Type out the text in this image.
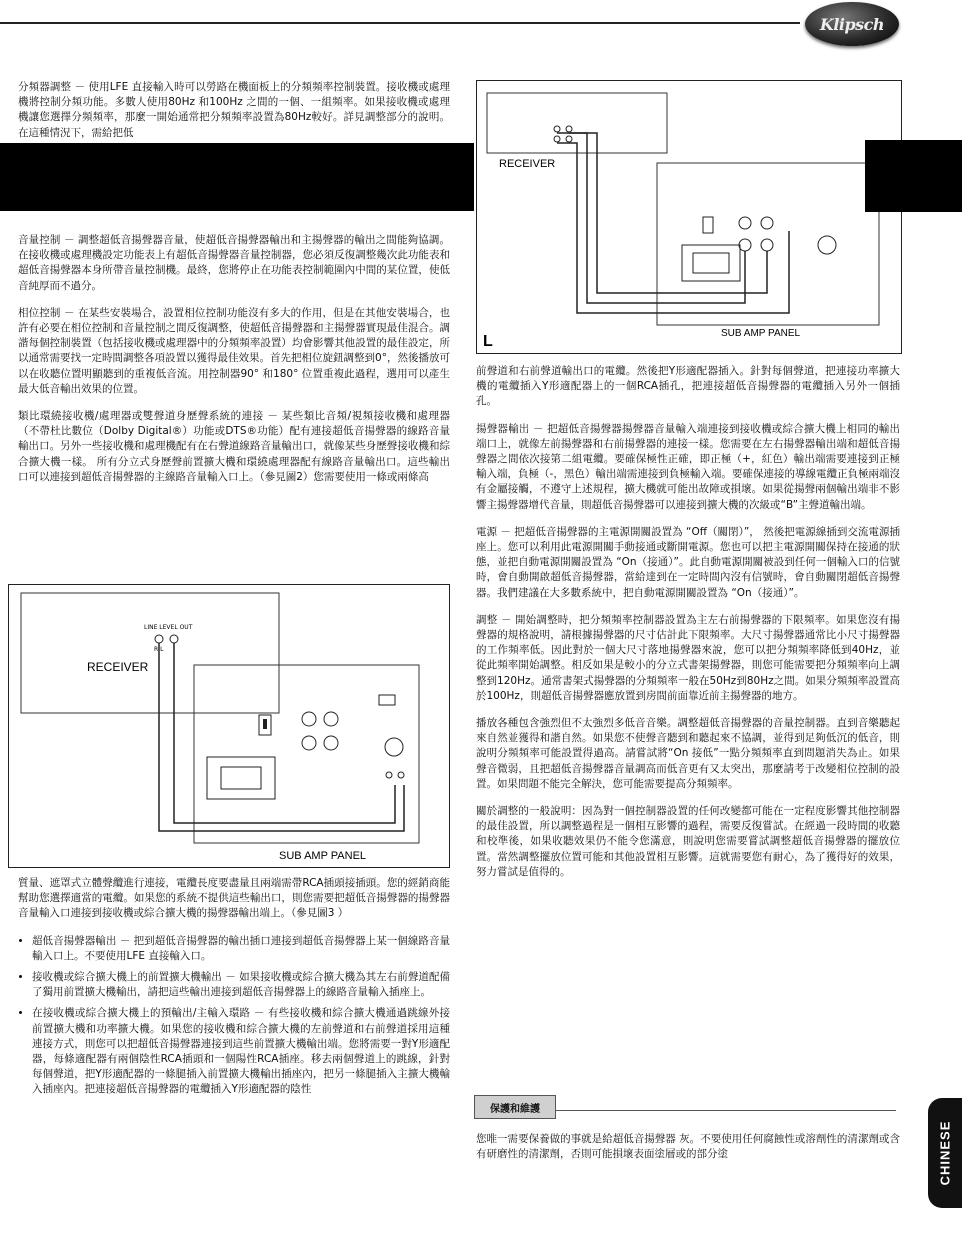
Klipsch

分頻器調整 － 使用LFE 直接輸入時可以勞路在機面板上的分頻頻率控制裝置。接收機或處理機將控制分頻功能。多數人使用80Hz 和100Hz 之間的一個、一組頻率。如果接收機或處理機讓您選擇分頻頻率，那麼一開始通常把分頻頻率設置為80Hz較好。詳見調整部分的說明。在這種情況下，需給把低

音量控制 － 調整超低音揚聲器音量，使超低音揚聲器輸出和主揚聲器的輸出之間能夠協調。在接收機或處理機設定功能表上有超低音揚聲器音量控制器，您必須反復調整幾次此功能表和超低音揚聲器本身所帶音量控制機。最終，您將停止在功能表控制範圍內中間的某位置，使低音純厚而不過分。

相位控制 － 在某些安裝場合，設置相位控制功能沒有多大的作用，但是在其他安裝場合，也許有必要在相位控制和音量控制之間反復調整，使超低音揚聲器和主揚聲器實現最佳混合。調諧每個控制裝置（包括接收機或處理器中的分頻頻率設置）均會影響其他設置的最佳設定，所以通常需要找一定時間調整各項設置以獲得最佳效果。首先把相位旋鈕調整到0°，然後播放可以在收聽位置明顯聽到的重複低音流。用控制器90° 和180° 位置重複此過程，選用可以產生最大低音輸出效果的位置。

類比環繞接收機/處理器或雙聲道身歷聲系統的連接 － 某些類比音頻/視頻接收機和處理器（不帶杜比數位（Dolby Digital®）功能或DTS®功能）配有連接超低音揚聲器的線路音量輸出口。另外一些接收機和處理機配有在右聲道線路音量輸出口，就像某些身歷聲接收機和綜合擴大機一樣。 所有分立式身歷聲前置擴大機和環繞處理器配有線路音量輸出口。這些輸出口可以連接到超低音揚聲器的主線路音量輸入口上。（參見圖2）您需要使用一條或兩條高

LINE LEVEL OUT
R L
RECEIVER
SUB AMP PANEL

質量、遮罩式立體聲纜進行連接，電纜長度要盡量且兩端需帶RCA插頭接插頭。您的經銷商能幫助您選擇適當的電纜。如果您的系統不提供這些輸出口，則您需要把超低音揚聲器的揚聲器音量輸入口連接到接收機或綜合擴大機的揚聲器輸出端上。（參見圖3 ）

• 超低音揚聲器輸出 － 把到超低音揚聲器的輸出插口連接到超低音揚聲器上某一個線路音量輸入口上。不要使用LFE 直接輸入口。
• 接收機或綜合擴大機上的前置擴大機輸出 － 如果接收機或綜合擴大機為其左右前聲道配備了獨用前置擴大機輸出，請把這些輸出連接到超低音揚聲器上的線路音量輸入插座上。
• 在接收機或綜合擴大機上的預輸出/主輸入環路 － 有些接收機和綜合擴大機通過跳線外接前置擴大機和功率擴大機。如果您的接收機和綜合擴大機的左前聲道和右前聲道採用這種連接方式，則您可以把超低音揚聲器連接到這些前置擴大機輸出端。您將需要一對Y形適配器，每條適配器有兩個陰性RCA插頭和一個陽性RCA插座。移去兩個聲道上的跳線，針對每個聲道，把Y形適配器的一條腿插入前置擴大機輸出插座內，把另一條腿插入主擴大機輸入插座內。把連接超低音揚聲器的電纜插入Y形適配器的陰性
RECEIVER
SUB AMP PANEL
L

前聲道和右前聲道輸出口的電纜。然後把Y形適配器插入。針對每個聲道，把連接功率擴大機的電纜插入Y形適配器上的一個RCA插孔，把連接超低音揚聲器的電纜插入另外一個插孔。

揚聲器輸出 － 把超低音揚聲器揚聲器音量輸入端連接到接收機或綜合擴大機上相同的輸出端口上，就像左前揚聲器和右前揚聲器的連接一樣。您需要在左右揚聲器輸出端和超低音揚聲器之間依次接第二組電纜。要確保極性正確，即正極（+，紅色）輸出端需要連接到正極輸入端，負極（-，黑色）輸出端需連接到負極輸入端。要確保連接的導線電纜正負極兩端沒有金屬接觸，不遵守上述規程，擴大機就可能出故障或損壞。如果從揚聲兩個輸出端非不影響主揚聲器增代音量，則超低音揚聲器可以連接到擴大機的次級或“B”主聲道輸出端。

電源 － 把超低音揚聲器的主電源開關設置為 “Off（關閉）”， 然後把電源線插到交流電源插座上。您可以利用此電源開關手動接通或斷開電源。您也可以把主電源開關保持在接通的狀態，並把自動電源開關設置為 “On（接通）”。此自動電源開關被設到任何一個輸入口的信號時，會自動開啟超低音揚聲器，當給達到在一定時間內沒有信號時，會自動關閉超低音揚聲器。我們建議在大多數系統中，把自動電源開關設置為 “On（接通）”。

調整 － 開始調整時，把分頻頻率控制器設置為主左右前揚聲器的下限頻率。如果您沒有揚聲器的規格說明，請根據揚聲器的尺寸估計此下限頻率。大尺寸揚聲器通常比小尺寸揚聲器的工作頻率低。因此對於一個大尺寸落地揚聲器來說，您可以把分頻頻率降低到40Hz，並從此頻率開始調整。相反如果是較小的分立式書架揚聲器，則您可能需要把分頻頻率向上調整到120Hz。通常書架式揚聲器的分頻頻率一般在50Hz到80Hz之間。如果分頻頻率設置高於100Hz，則超低音揚聲器應放置到房間前面靠近前主揚聲器的地方。

播放各種包含強烈但不太強烈多低音音樂。調整超低音揚聲器的音量控制器。直到音樂聽起來自然並獲得和諧自然。如果您不使聲音聽到和聽起來不協調，並得到足夠低沉的低音，則說明分頻頻率可能設置得過高。請嘗試將“On 接低”一點分頻頻率直到問題消失為止。如果聲音微弱，且把超低音揚聲器音量調高而低音更有又太突出，那麼請考于改變相位控制的設置。如果問題不能完全解決，您可能需要提高分頻頻率。

關於調整的一般說明：因為對一個控制器設置的任何改變都可能在一定程度影響其他控制器的最佳設置，所以調整過程是一個相互影響的過程，需要反復嘗試。在經過一段時間的收聽和校準後，如果收聽效果仍不能令您滿意，則說明您需要嘗試調整超低音揚聲器的擺放位置。當然調整擺放位置可能和其他設置相互影響。這就需要您有耐心，為了獲得好的效果，努力嘗試是值得的。

保護和維護

您唯一需要保養做的事就是給超低音揚聲器 灰。不要使用任何腐蝕性或溶劑性的清潔劑或含有研磨性的清潔劑，否則可能損壞表面塗層或的部分塗	CHINESE
